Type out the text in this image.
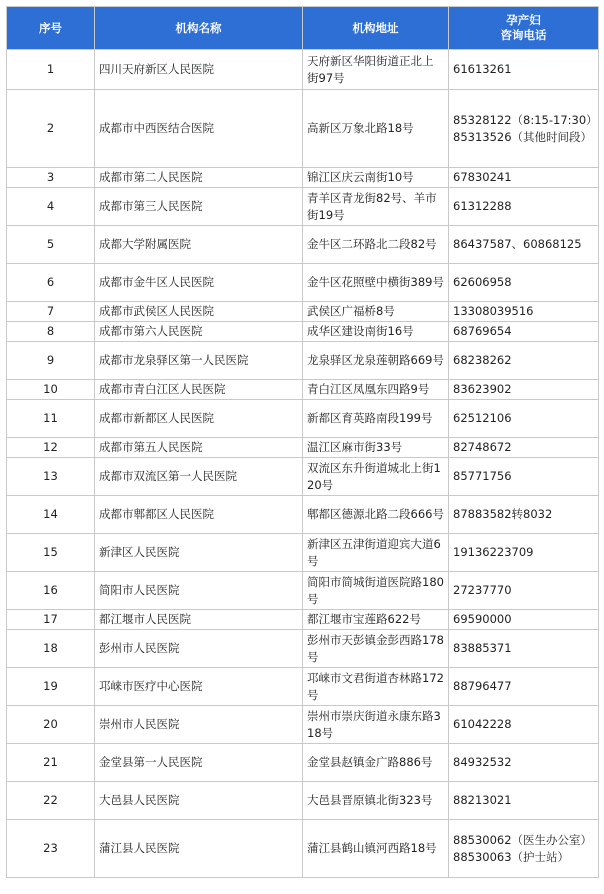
序号	机构名称	机构地址	孕产妇
咨询电话

1	四川天府新区人民医院	天府新区华阳街道正北上街97号	61613261

2	成都市中西医结合医院	高新区万象北路18号	85328122（8:15-17:30）
85313526（其他时间段）

3	成都市第二人民医院	锦江区庆云南街10号	67830241

4	成都市第三人民医院	青羊区青龙街82号、羊市街19号	61312288

5	成都大学附属医院	金牛区二环路北二段82号	86437587、60868125

6	成都市金牛区人民医院	金牛区花照壁中横街389号	62606958

7	成都市武侯区人民医院	武侯区广福桥8号	13308039516

8	成都市第六人民医院	成华区建设南街16号	68769654

9	成都市龙泉驿区第一人民医院	龙泉驿区龙泉莲朝路669号	68238262

10	成都市青白江区人民医院	青白江区凤凰东四路9号	83623902

11	成都市新都区人民医院	新都区育英路南段199号	62512106

12	成都市第五人民医院	温江区麻市街33号	82748672

13	成都市双流区第一人民医院	双流区东升街道城北上街120号	85771756

14	成都市郫都区人民医院	郫都区德源北路二段666号	87883582转8032

15	新津区人民医院	新津区五津街道迎宾大道6号	19136223709

16	简阳市人民医院	简阳市简城街道医院路180号	27237770

17	都江堰市人民医院	都江堰市宝莲路622号	69590000

18	彭州市人民医院	彭州市天彭镇金彭西路178号	83885371

19	邛崃市医疗中心医院	邛崃市文君街道杏林路172号	88796477

20	崇州市人民医院	崇州市崇庆街道永康东路318号	61042228

21	金堂县第一人民医院	金堂县赵镇金广路886号	84932532

22	大邑县人民医院	大邑县晋原镇北街323号	88213021

23	蒲江县人民医院	蒲江县鹤山镇河西路18号	88530062（医生办公室）
88530063（护士站）
